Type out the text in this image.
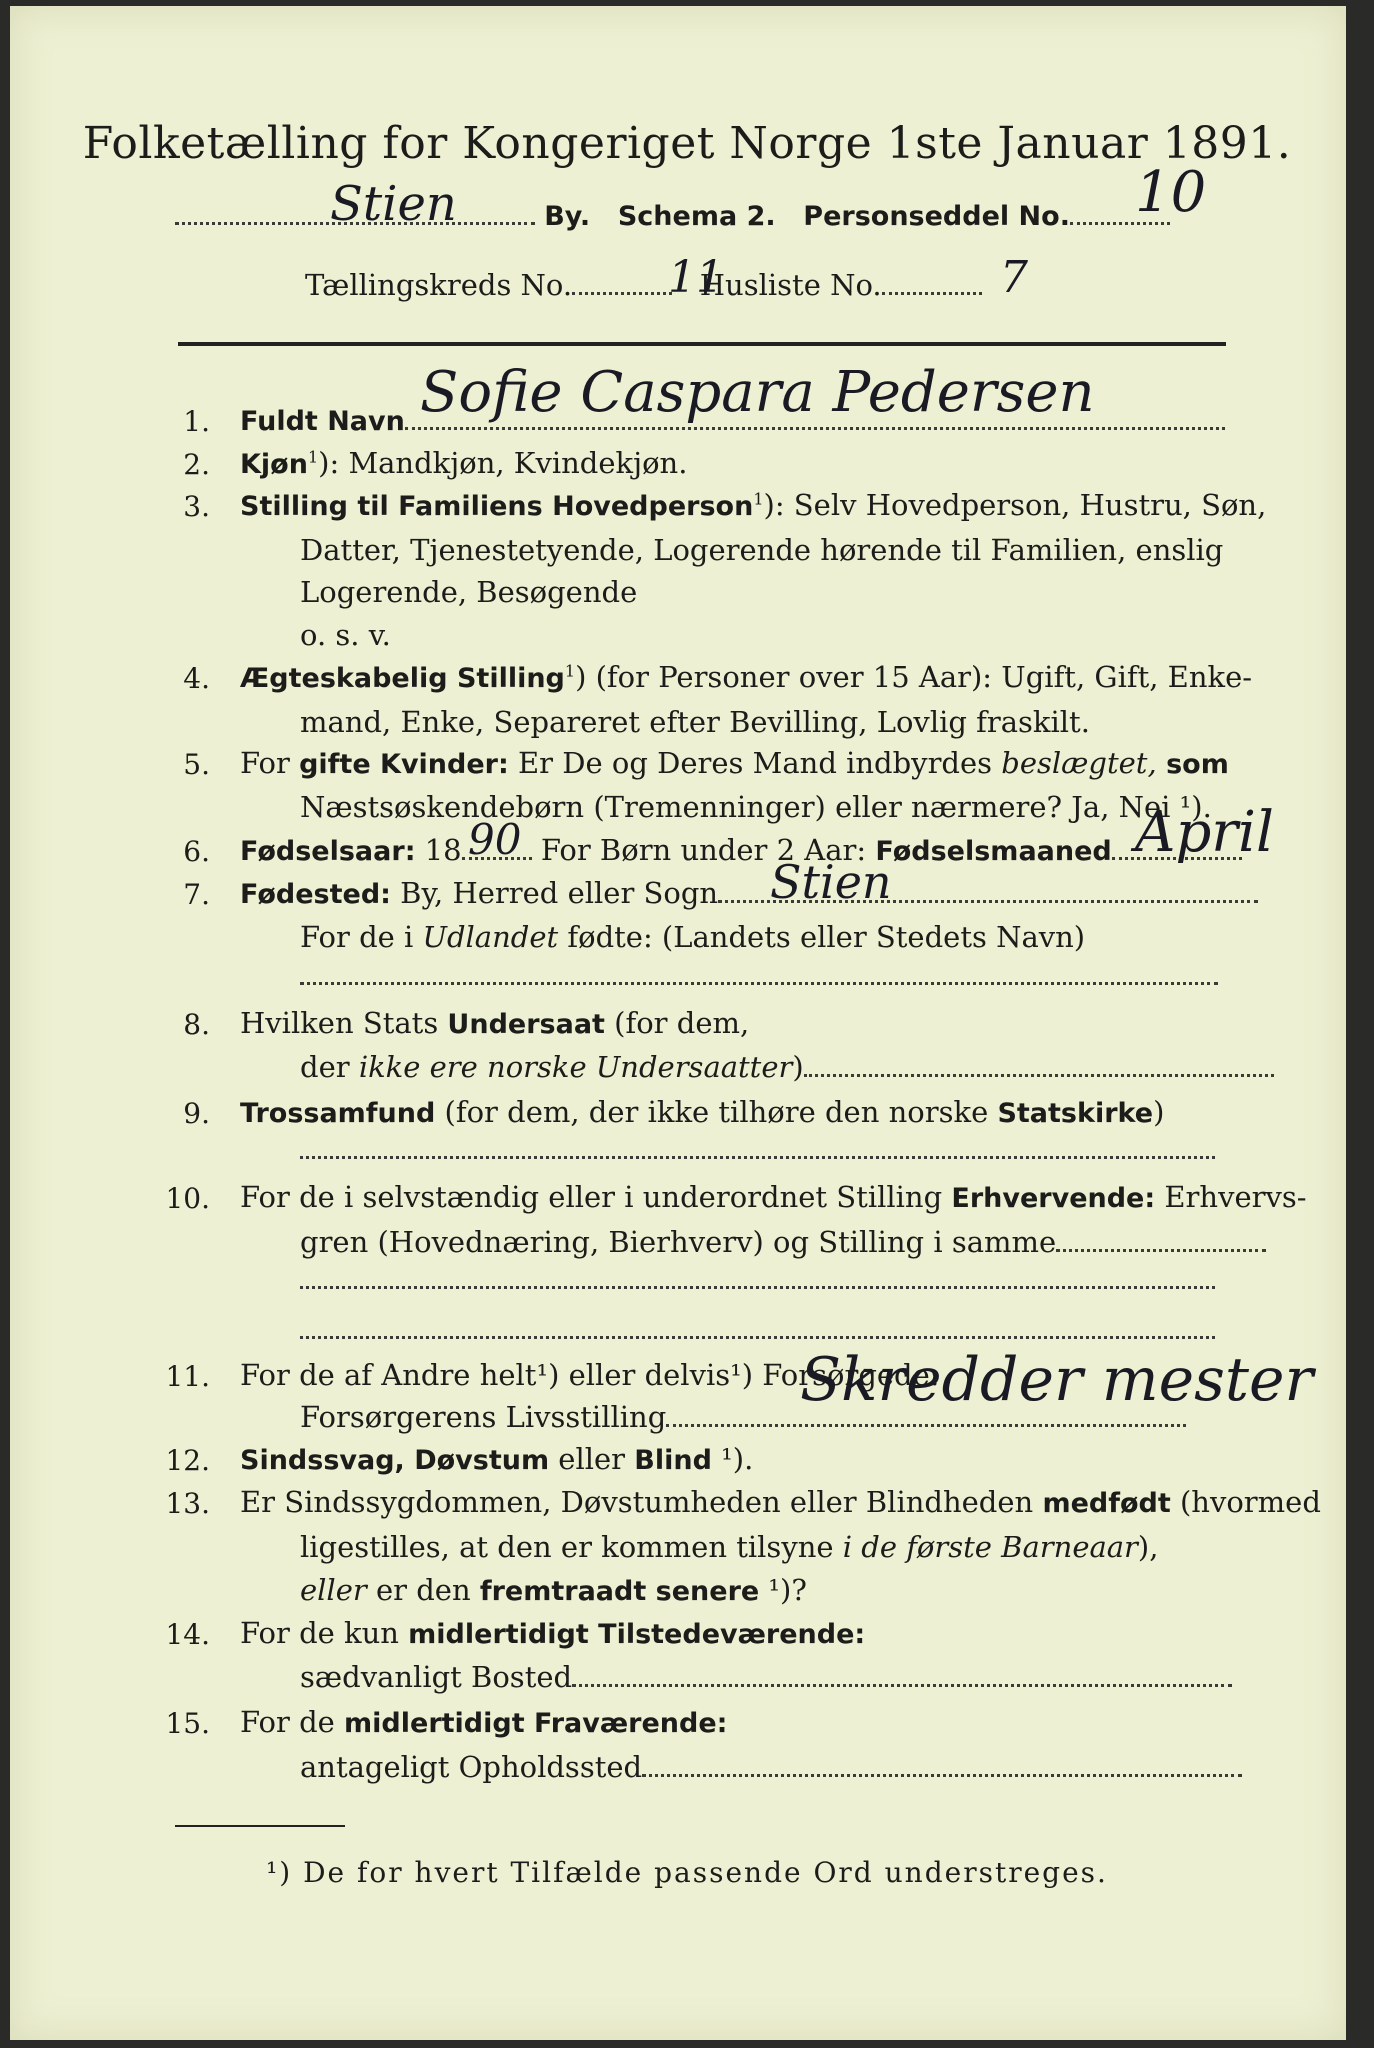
Folketælling for Kongeriget Norge 1ste Januar 1891.
By. Schema 2. Personseddel No.
Stien	10
Tællingskreds No.	Husliste No.
11	7
1. Fuldt Navn Sofie Caspara Pedersen
2. Kjøn$^1$): Mandkjøn, Kvindekjøn.
3. Stilling til Familiens Hovedperson$^1$): Selv Hovedperson, Hustru, Søn,
Datter, Tjenestetyende, Logerende hørende til Familien, enslig
Logerende, Besøgende
o. s. v.
4. Ægteskabelig Stilling$^1$) (for Personer over 15 Aar): Ugift, Gift, Enke-
mand, Enke, Separeret efter Bevilling, Lovlig fraskilt.
5. For gifte Kvinder: Er De og Deres Mand indbyrdes beslægtet, som
Næstsøskendebørn (Tremenninger) eller nærmere? Ja, Nei ¹).
6. Fødselsaar: 18 For Børn under 2 Aar: Fødselsmaaned
90	April
7. Fødested: By, Herred eller Sogn	Stien
For de i Udlandet fødte: (Landets eller Stedets Navn)
8. Hvilken Stats Undersaat (for dem,
der ikke ere norske Undersaatter)
9. Trossamfund (for dem, der ikke tilhøre den norske Statskirke)
10. For de i selvstændig eller i underordnet Stilling Erhvervende: Erhvervs-
gren (Hovednæring, Bierhverv) og Stilling i samme
11. For de af Andre helt¹) eller delvis¹) Forsørgede:
Forsørgerens Livsstilling
Skredder mester
12. Sindssvag, Døvstum eller Blind ¹).
13. Er Sindssygdommen, Døvstumheden eller Blindheden medfødt (hvormed
ligestilles, at den er kommen tilsyne i de første Barneaar),
eller er den fremtraadt senere ¹)?
14. For de kun midlertidigt Tilstedeværende:
sædvanligt Bosted
15. For de midlertidigt Fraværende:
antageligt Opholdssted
¹) De for hvert Tilfælde passende Ord understreges.
